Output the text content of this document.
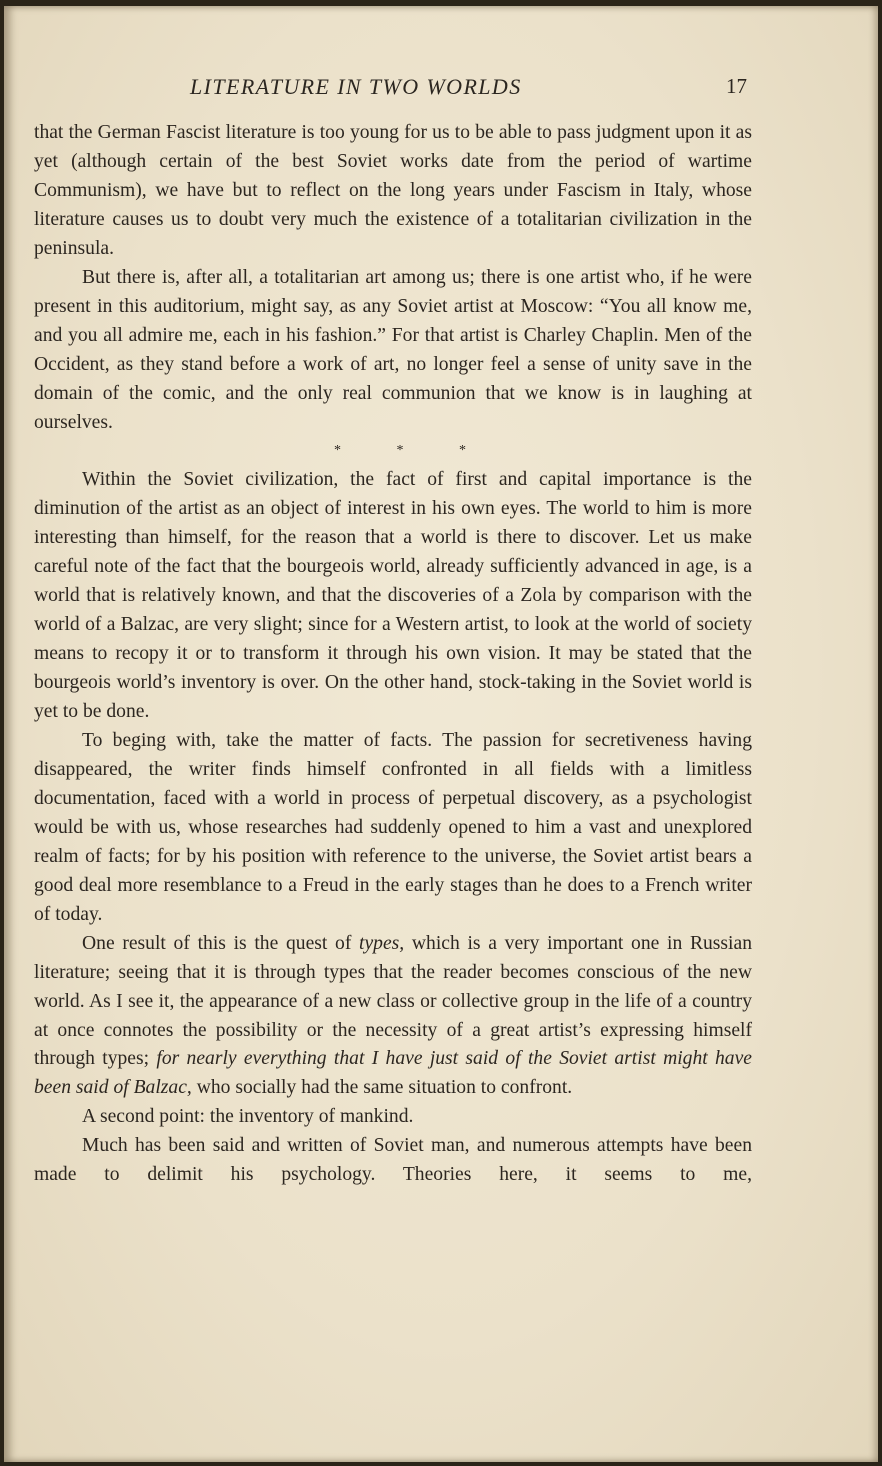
LITERATURE IN TWO WORLDS	17

that the German Fascist literature is too young for us to be able to pass judgment upon it as yet (although certain of the best Soviet works date from the period of wartime Communism), we have but to reflect on the long years under Fascism in Italy, whose literature causes us to doubt very much the existence of a totalitarian civilization in the peninsula.

But there is, after all, a totalitarian art among us; there is one artist who, if he were present in this auditorium, might say, as any Soviet artist at Moscow: “You all know me, and you all admire me, each in his fashion.” For that artist is Charley Chaplin. Men of the Occident, as they stand before a work of art, no longer feel a sense of unity save in the domain of the comic, and the only real communion that we know is in laughing at ourselves.

* * *

Within the Soviet civilization, the fact of first and capital importance is the diminution of the artist as an object of interest in his own eyes. The world to him is more interesting than himself, for the reason that a world is there to discover. Let us make careful note of the fact that the bourgeois world, already sufficiently advanced in age, is a world that is relatively known, and that the discoveries of a Zola by comparison with the world of a Balzac, are very slight; since for a Western artist, to look at the world of society means to recopy it or to transform it through his own vision. It may be stated that the bourgeois world’s inventory is over. On the other hand, stock-taking in the Soviet world is yet to be done.

To beging with, take the matter of facts. The passion for secretiveness having disappeared, the writer finds himself confronted in all fields with a limitless documentation, faced with a world in process of perpetual discovery, as a psychologist would be with us, whose researches had suddenly opened to him a vast and unexplored realm of facts; for by his position with reference to the universe, the Soviet artist bears a good deal more resemblance to a Freud in the early stages than he does to a French writer of today.

One result of this is the quest of types, which is a very important one in Russian literature; seeing that it is through types that the reader becomes conscious of the new world. As I see it, the appearance of a new class or collective group in the life of a country at once connotes the possibility or the necessity of a great artist’s expressing himself through types; for nearly everything that I have just said of the Soviet artist might have been said of Balzac, who socially had the same situation to confront.

A second point: the inventory of mankind.

Much has been said and written of Soviet man, and numerous attempts have been made to delimit his psychology. Theories here, it seems to me,
